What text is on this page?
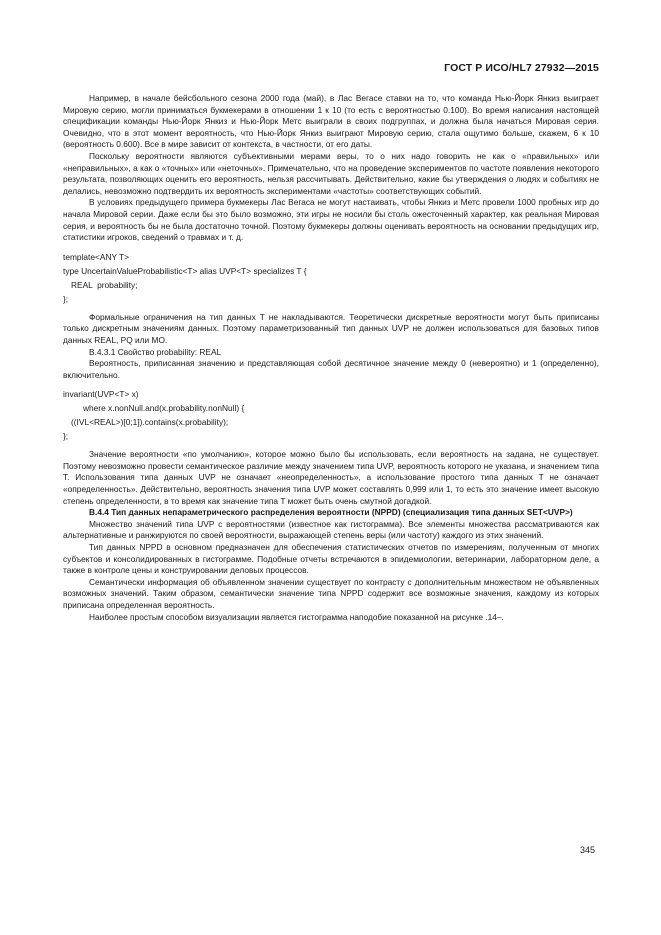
ГОСТ Р ИСО/HL7 27932—2015

Например, в начале бейсбольного сезона 2000 года (май), в Лас Вегасе ставки на то, что команда Нью-Йорк Янкиз выиграет Мировую серию, могли приниматься букмекерами в отношении 1 к 10 (то есть с вероятностью 0.100). Во время написания настоящей спецификации команды Нью-Йорк Янкиз и Нью-Йорк Метс выиграли в своих подгруппах, и должна была начаться Мировая серия. Очевидно, что в этот момент вероятность, что Нью-Йорк Янкиз выиграют Мировую серию, стала ощутимо больше, скажем, 6 к 10 (вероятность 0.600). Все в мире зависит от контекста, в частности, от его даты.

Поскольку вероятности являются субъективными мерами веры, то о них надо говорить не как о «правильных» или «неправильных», а как о «точных» или «неточных». Примечательно, что на проведение экспериментов по частоте появления некоторого результата, позволяющих оценить его вероятность, нельзя рассчитывать. Действительно, какие бы утверждения о людях и событиях не делались, невозможно подтвердить их вероятность экспериментами «частоты» соответствующих событий.

В условиях предыдущего примера букмекеры Лас Вегаса не могут настаивать, чтобы Янкиз и Метс провели 1000 пробных игр до начала Мировой серии. Даже если бы это было возможно, эти игры не носили бы столь ожесточенный характер, как реальная Мировая серия, и вероятность бы не была достаточно точной. Поэтому букмекеры должны оценивать вероятность на основании предыдущих игр, статистики игроков, сведений о травмах и т. д.

template<ANY T>
type UncertainValueProbabilistic<T> alias UVP<T> specializes T {
REAL  probability;
};

Формальные ограничения на тип данных T не накладываются. Теоретически дискретные вероятности могут быть приписаны только дискретным значениям данных. Поэтому параметризованный тип данных UVP не должен использоваться для базовых типов данных REAL, PQ или MO.

B.4.3.1 Свойство probability: REAL

Вероятность, приписанная значению и представляющая собой десятичное значение между 0 (невероятно) и 1 (определенно), включительно.

invariant(UVP<T> x)
where x.nonNull.and(x.probability.nonNull) {
((IVL<REAL>)[0;1]).contains(x.probability);
};

Значение вероятности «по умолчанию», которое можно было бы использовать, если вероятность на задана, не существует. Поэтому невозможно провести семантическое различие между значением типа UVP, вероятность которого не указана, и значением типа T. Использования типа данных UVP не означает «неопределенность», а использование простого типа данных T не означает «определенность». Действительно, вероятность значения типа UVP может составлять 0,999 или 1, то есть это значение имеет высокую степень определенности, в то время как значение типа T может быть очень смутной догадкой.

B.4.4 Тип данных непараметрического распределения вероятности (NPPD) (специализация типа данных SET<UVP>)

Множество значений типа UVP с вероятностями (известное как гистограмма). Все элементы множества рассматриваются как альтернативные и ранжируются по своей вероятности, выражающей степень веры (или частоту) каждого из этих значений.

Тип данных NPPD в основном предназначен для обеспечения статистических отчетов по измерениям, полученным от многих субъектов и консолидированных в гистограмме. Подобные отчеты встречаются в эпидемиологии, ветеринарии, лабораторном деле, а также в контроле цены и конструировании деловых процессов.

Семантически информация об объявленном значении существует по контрасту с дополнительным множеством не объявленных возможных значений. Таким образом, семантически значение типа NPPD содержит все возможные значения, каждому из которых приписана определенная вероятность.

Наиболее простым способом визуализации является гистограмма наподобие показанной на рисунке .14–.

345
